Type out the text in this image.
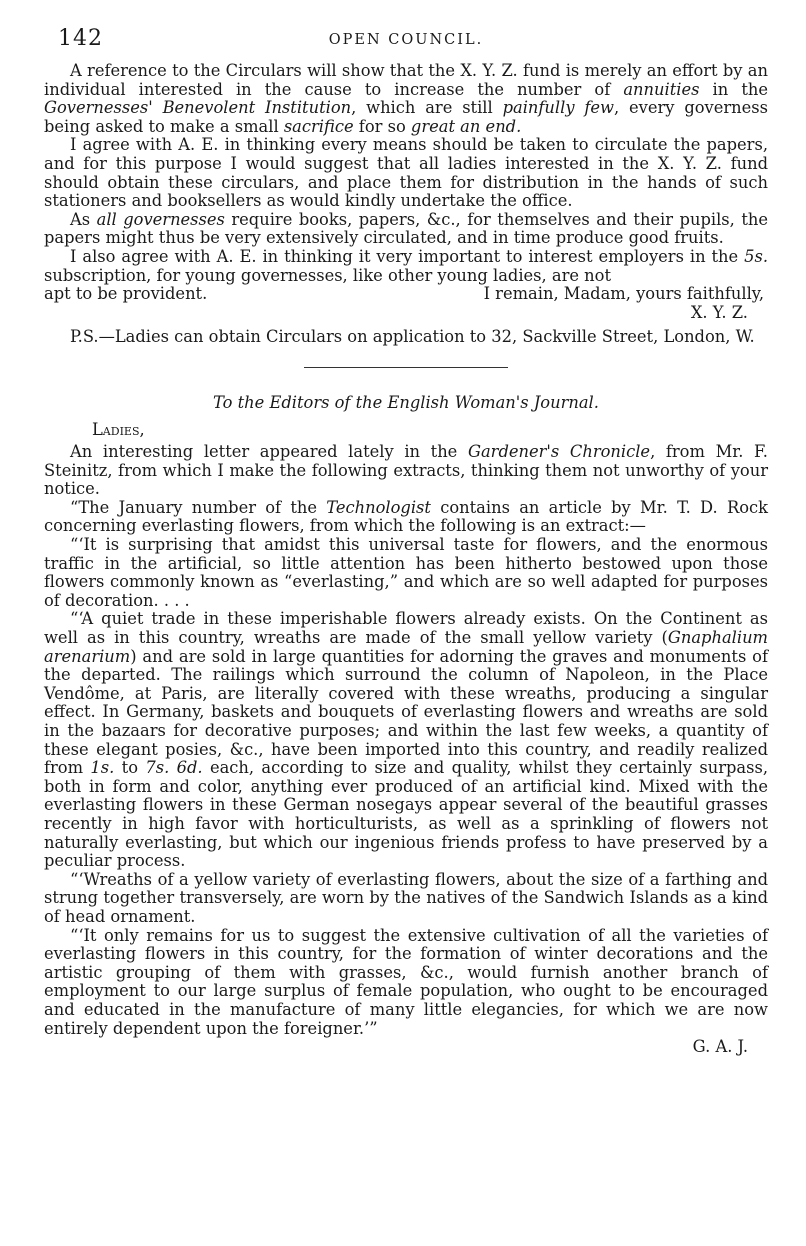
142	OPEN COUNCIL.

A reference to the Circulars will show that the X. Y. Z. fund is merely an effort by an individual interested in the cause to increase the number of annuities in the Governesses' Benevolent Institution, which are still painfully few, every governess being asked to make a small sacrifice for so great an end.

I agree with A. E. in thinking every means should be taken to circulate the papers, and for this purpose I would suggest that all ladies interested in the X. Y. Z. fund should obtain these circulars, and place them for distribution in the hands of such stationers and booksellers as would kindly undertake the office.

As all governesses require books, papers, &c., for themselves and their pupils, the papers might thus be very extensively circulated, and in time produce good fruits.

I also agree with A. E. in thinking it very important to interest employers in the 5s. subscription, for young governesses, like other young ladies, are not

apt to be provident.	I remain, Madam, yours faithfully,

X. Y. Z.

P.S.—Ladies can obtain Circulars on application to 32, Sackville Street, London, W.

To the Editors of the English Woman's Journal.

Ladies,

An interesting letter appeared lately in the Gardener's Chronicle, from Mr. F. Steinitz, from which I make the following extracts, thinking them not unworthy of your notice.

“The January number of the Technologist contains an article by Mr. T. D. Rock concerning everlasting flowers, from which the following is an extract:—

“‘It is surprising that amidst this universal taste for flowers, and the enormous traffic in the artificial, so little attention has been hitherto bestowed upon those flowers commonly known as “everlasting,” and which are so well adapted for purposes of decoration. . . .

“‘A quiet trade in these imperishable flowers already exists. On the Continent as well as in this country, wreaths are made of the small yellow variety (Gnaphalium arenarium) and are sold in large quantities for adorning the graves and monuments of the departed. The railings which surround the column of Napoleon, in the Place Vendôme, at Paris, are literally covered with these wreaths, producing a singular effect. In Germany, baskets and bouquets of everlasting flowers and wreaths are sold in the bazaars for decorative purposes; and within the last few weeks, a quantity of these elegant posies, &c., have been imported into this country, and readily realized from 1s. to 7s. 6d. each, according to size and quality, whilst they certainly surpass, both in form and color, anything ever produced of an artificial kind. Mixed with the everlasting flowers in these German nosegays appear several of the beautiful grasses recently in high favor with horticulturists, as well as a sprinkling of flowers not naturally everlasting, but which our ingenious friends profess to have preserved by a peculiar process.

“‘Wreaths of a yellow variety of everlasting flowers, about the size of a farthing and strung together transversely, are worn by the natives of the Sandwich Islands as a kind of head ornament.

“‘It only remains for us to suggest the extensive cultivation of all the varieties of everlasting flowers in this country, for the formation of winter decorations and the artistic grouping of them with grasses, &c., would furnish another branch of employment to our large surplus of female population, who ought to be encouraged and educated in the manufacture of many little elegancies, for which we are now entirely dependent upon the foreigner.’”

G. A. J.
